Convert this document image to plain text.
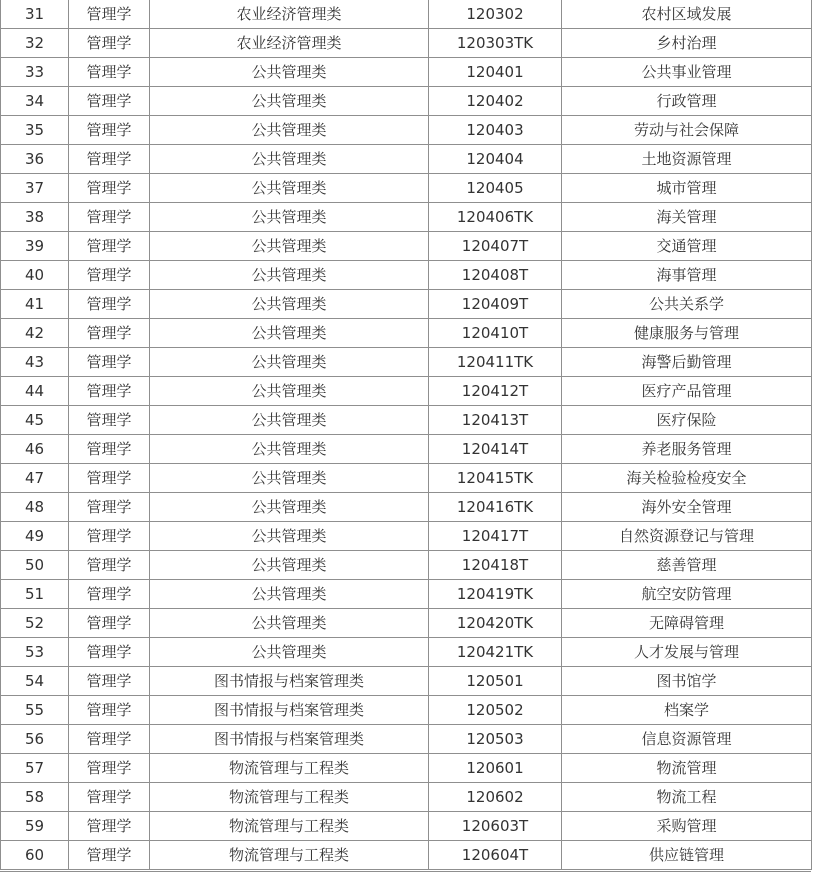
31	管理学	农业经济管理类	120302	农村区域发展
32	管理学	农业经济管理类	120303TK	乡村治理
33	管理学	公共管理类	120401	公共事业管理
34	管理学	公共管理类	120402	行政管理
35	管理学	公共管理类	120403	劳动与社会保障
36	管理学	公共管理类	120404	土地资源管理
37	管理学	公共管理类	120405	城市管理
38	管理学	公共管理类	120406TK	海关管理
39	管理学	公共管理类	120407T	交通管理
40	管理学	公共管理类	120408T	海事管理
41	管理学	公共管理类	120409T	公共关系学
42	管理学	公共管理类	120410T	健康服务与管理
43	管理学	公共管理类	120411TK	海警后勤管理
44	管理学	公共管理类	120412T	医疗产品管理
45	管理学	公共管理类	120413T	医疗保险
46	管理学	公共管理类	120414T	养老服务管理
47	管理学	公共管理类	120415TK	海关检验检疫安全
48	管理学	公共管理类	120416TK	海外安全管理
49	管理学	公共管理类	120417T	自然资源登记与管理
50	管理学	公共管理类	120418T	慈善管理
51	管理学	公共管理类	120419TK	航空安防管理
52	管理学	公共管理类	120420TK	无障碍管理
53	管理学	公共管理类	120421TK	人才发展与管理
54	管理学	图书情报与档案管理类	120501	图书馆学
55	管理学	图书情报与档案管理类	120502	档案学
56	管理学	图书情报与档案管理类	120503	信息资源管理
57	管理学	物流管理与工程类	120601	物流管理
58	管理学	物流管理与工程类	120602	物流工程
59	管理学	物流管理与工程类	120603T	采购管理
60	管理学	物流管理与工程类	120604T	供应链管理
